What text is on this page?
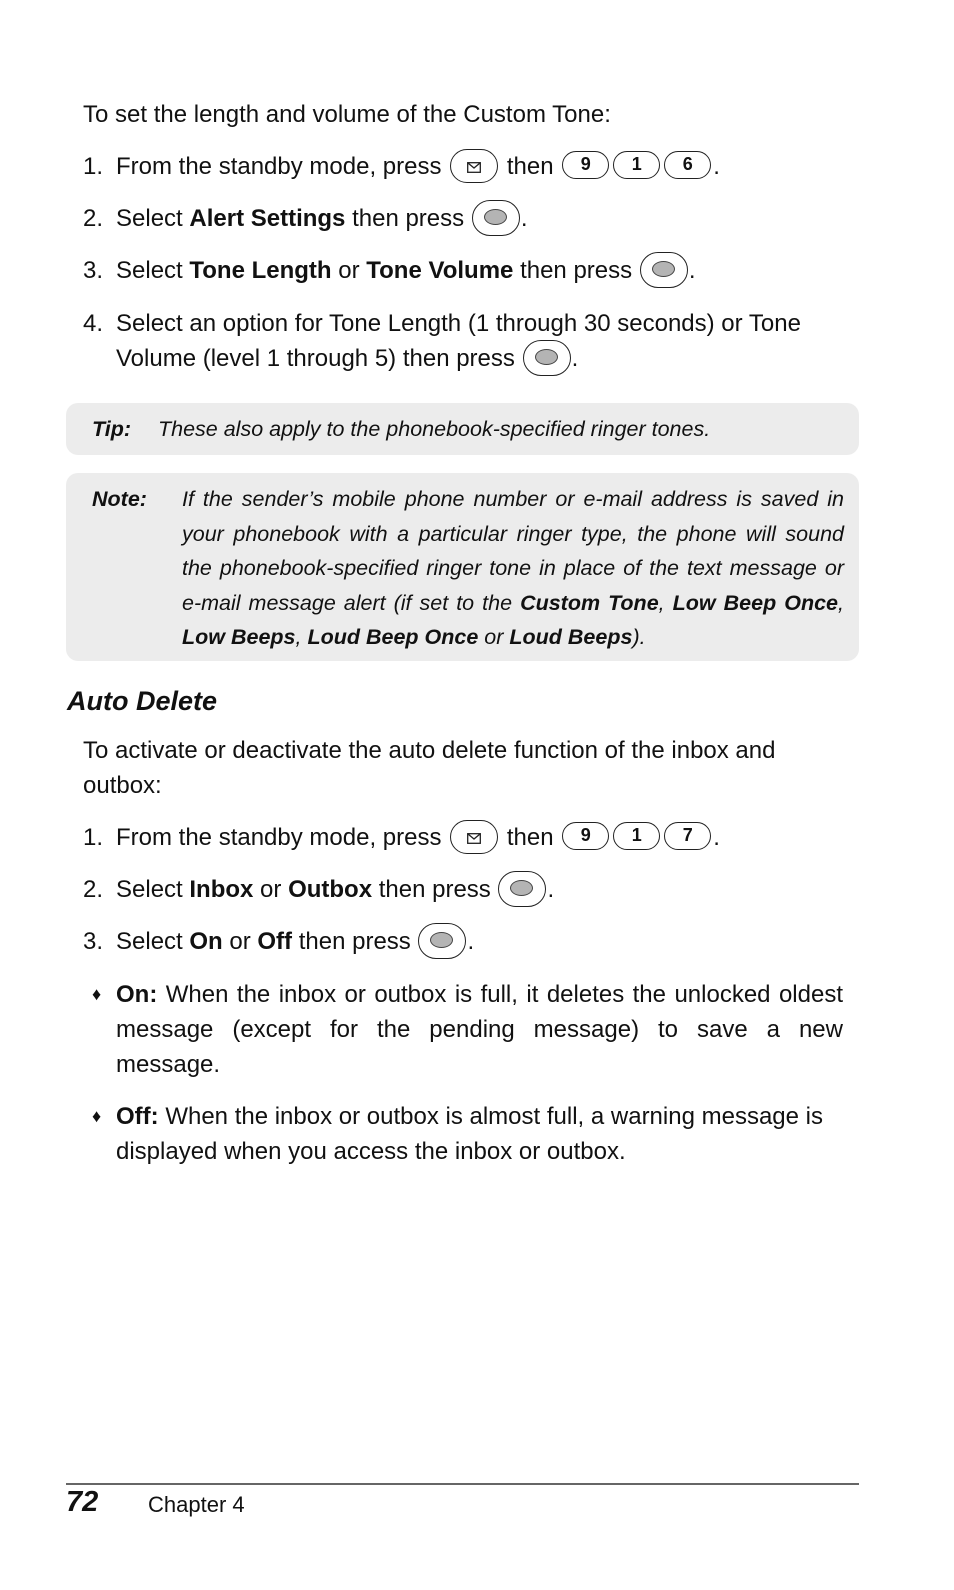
To set the length and volume of the Custom Tone:

1. From the standby mode, press	then 9 1 6 .
2. Select Alert Settings then press .
3. Select Tone Length or Tone Volume then press .
4. Select an option for Tone Length (1 through 30 seconds) or Tone Volume (level 1 through 5) then press .
Tip: These also apply to the phonebook-specified ringer tones.
Note: If the sender’s mobile phone number or e-mail address is saved in your phonebook with a particular ringer type, the phone will sound the phonebook-specified ringer tone in place of the text message or e-mail message alert (if set to the Custom Tone, Low Beep Once, Low Beeps, Loud Beep Once or Loud Beeps).
Auto Delete

To activate or deactivate the auto delete function of the inbox and outbox:

1. From the standby mode, press	then 9 1 7 .
2. Select Inbox or Outbox then press .
3. Select On or Off then press .
♦ On: When the inbox or outbox is full, it deletes the unlocked oldest message (except for the pending message) to save a new message.
♦ Off: When the inbox or outbox is almost full, a warning message is displayed when you access the inbox or outbox.
72 Chapter 4
